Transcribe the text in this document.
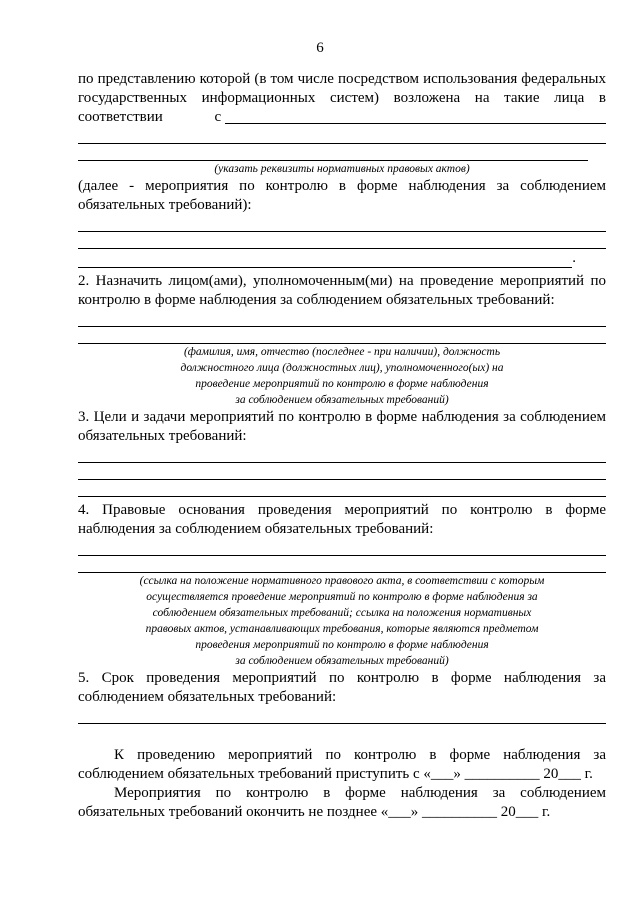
6

по представлению которой (в том числе посредством использования федеральных

государственных информационных систем) возложена на такие лица в

соответствии с

(указать реквизиты нормативных правовых актов)

(далее - мероприятия по контролю в форме наблюдения за соблюдением

обязательных требований):

.

2. Назначить лицом(ами), уполномоченным(ми) на проведение мероприятий по

контролю в форме наблюдения за соблюдением обязательных требований:

(фамилия, имя, отчество (последнее - при наличии), должность

должностного лица (должностных лиц), уполномоченного(ых) на

проведение мероприятий по контролю в форме наблюдения

за соблюдением обязательных требований)

3. Цели и задачи мероприятий по контролю в форме наблюдения за соблюдением

обязательных требований:

4. Правовые основания проведения мероприятий по контролю в форме

наблюдения за соблюдением обязательных требований:

(ссылка на положение нормативного правового акта, в соответствии с которым

осуществляется проведение мероприятий по контролю в форме наблюдения за

соблюдением обязательных требований; ссылка на положения нормативных

правовых актов, устанавливающих требования, которые являются предметом

проведения мероприятий по контролю в форме наблюдения

за соблюдением обязательных требований)

5. Срок проведения мероприятий по контролю в форме наблюдения за

соблюдением обязательных требований:

К проведению мероприятий по контролю в форме наблюдения за

соблюдением обязательных требований приступить с «___» __________ 20___ г.

Мероприятия по контролю в форме наблюдения за соблюдением

обязательных требований окончить не позднее «___» __________ 20___ г.
